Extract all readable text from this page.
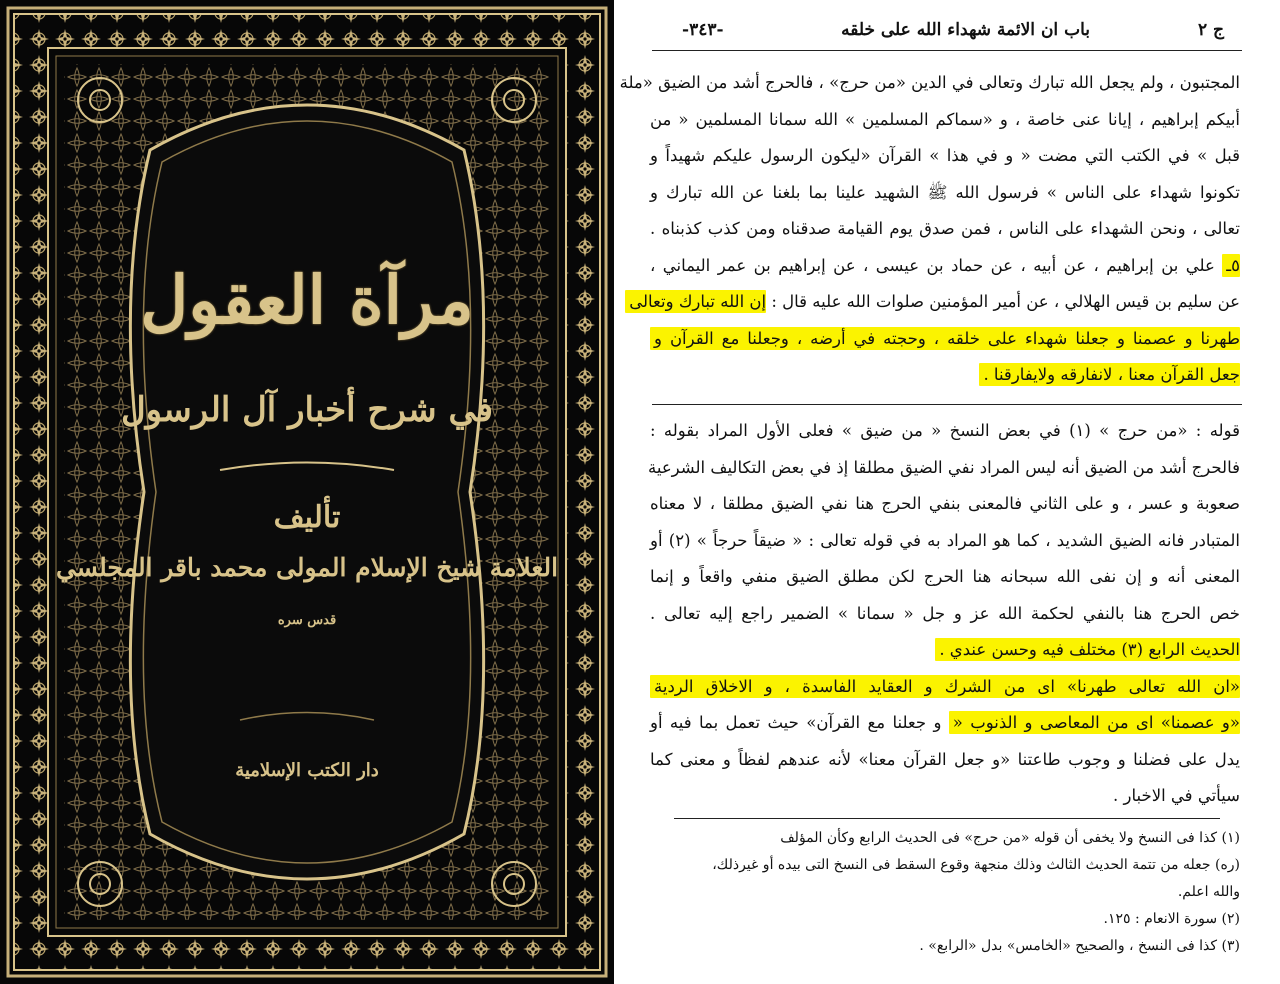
مرآة العقول
في شرح أخبار آل الرسول
تأليف
العلامة شيخ الإسلام المولى محمد باقر المجلسي
قدس سره
دار الكتب الإسلامية
ج ٢
باب ان الائمة شهداء الله على خلقه
-٣٤٣-
المجتبون ، ولم يجعل الله تبارك وتعالى في الدين «من حرج» ، فالحرج أشد من الضيق «ملة
أبيكم إبراهيم ، إيانا عنى خاصة ، و «سماكم المسلمين » الله سمانا المسلمين « من
قبل » في الكتب التي مضت « و في هذا » القرآن «ليكون الرسول عليكم شهيداً و
تكونوا شهداء على الناس » فرسول الله ﷺ الشهيد علينا بما بلغنا عن الله تبارك و
تعالى ، ونحن الشهداء على الناس ، فمن صدق يوم القيامة صدقناه ومن كذب كذبناه .
٥ـ علي بن إبراهيم ، عن أبيه ، عن حماد بن عيسى ، عن إبراهيم بن عمر اليماني ،
عن سليم بن قيس الهلالي ، عن أمير المؤمنين صلوات الله عليه قال : إن الله تبارك وتعالى
طهرنا و عصمنا و جعلنا شهداء على خلقه ، وحجته في أرضه ، وجعلنا مع القرآن و
جعل القرآن معنا ، لانفارقه ولايفارقنا .
قوله : «من حرج » (١) في بعض النسخ « من ضيق » فعلى الأول المراد بقوله :
فالحرج أشد من الضيق أنه ليس المراد نفي الضيق مطلقا إذ في بعض التكاليف الشرعية
صعوبة و عسر ، و على الثاني فالمعنى بنفي الحرج هنا نفي الضيق مطلقا ، لا معناه
المتبادر فانه الضيق الشديد ، كما هو المراد به في قوله تعالى : « ضيقاً حرجاً » (٢) أو
المعنى أنه و إن نفى الله سبحانه هنا الحرج لكن مطلق الضيق منفي واقعاً و إنما
خص الحرج هنا بالنفي لحكمة الله عز و جل « سمانا » الضمير راجع إليه تعالى .
الحديث الرابع (٣) مختلف فيه وحسن عندي .
«ان الله تعالى طهرنا» اى من الشرك و العقايد الفاسدة ، و الاخلاق الردية
«و عصمنا» اى من المعاصى و الذنوب « و جعلنا مع القرآن» حيث تعمل بما فيه أو
يدل على فضلنا و وجوب طاعتنا «و جعل القرآن معنا» لأنه عندهم لفظاً و معنى كما
سيأتي في الاخبار .
(١) كذا فى النسخ ولا يخفى أن قوله «من حرج» فى الحديث الرابع وكأن المؤلف
(ره) جعله من تتمة الحديث الثالث وذلك منجهة وقوع السقط فى النسخ التى بيده أو غيرذلك،
والله اعلم.
(٢) سورة الانعام : ١٢٥.
(٣) كذا فى النسخ ، والصحيح «الخامس» بدل «الرابع» .
